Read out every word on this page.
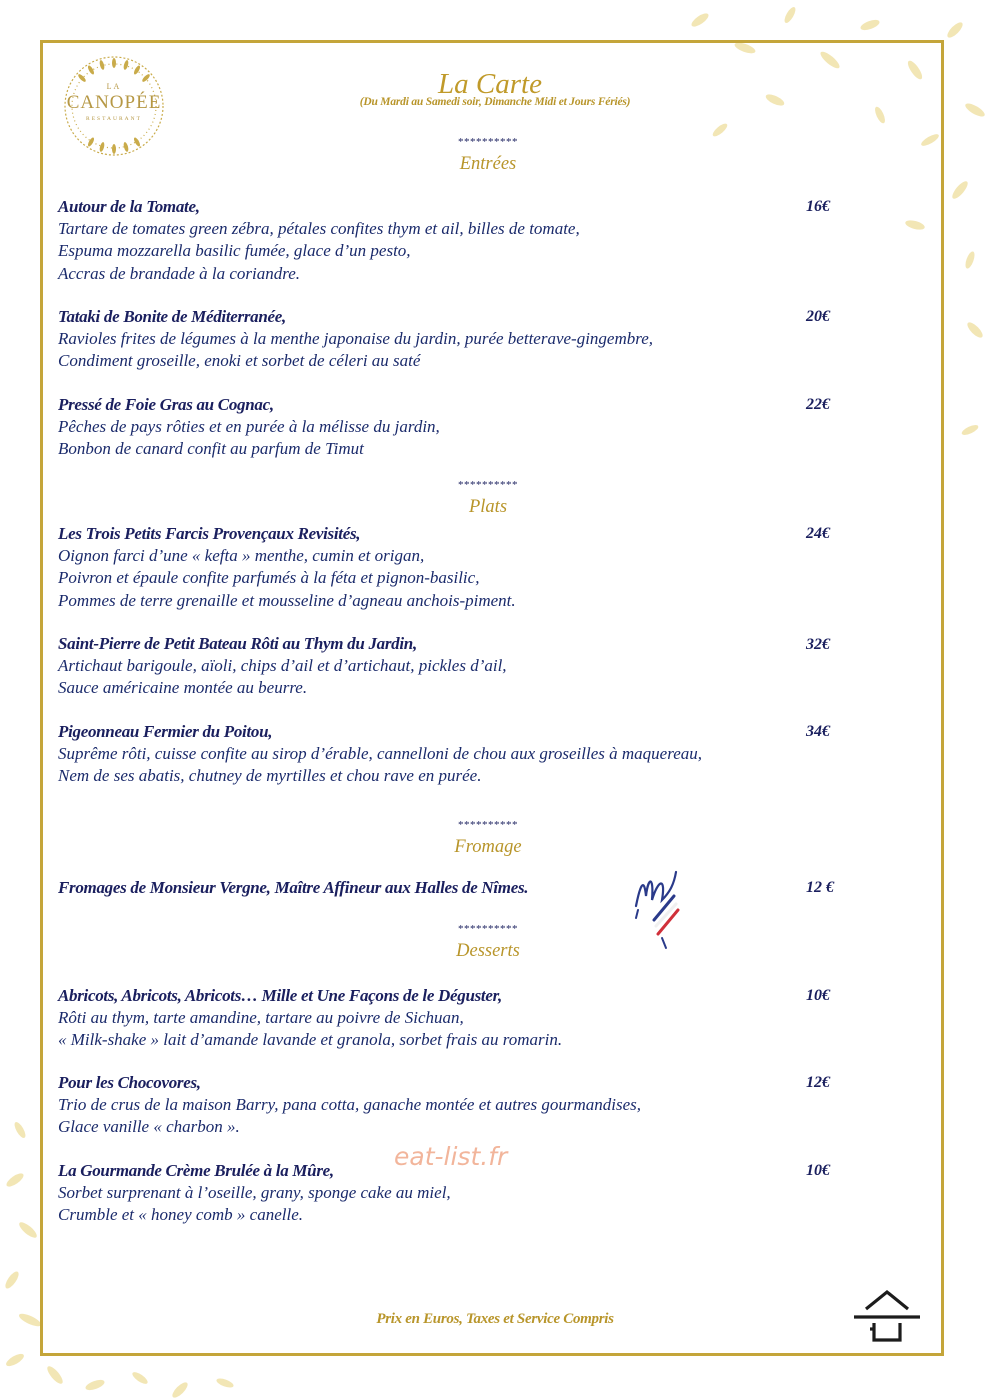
LA
CANOPÉE
RESTAURANT
La Carte
(Du Mardi au Samedi soir, Dimanche Midi et Jours Fériés)
**********
Entrées
Autour de la Tomate,
Tartare de tomates green zébra, pétales confites thym et ail, billes de tomate,
Espuma mozzarella basilic fumée, glace d’un pesto,
Accras de brandade à la coriandre.
16€
Tataki de Bonite de Méditerranée,
Ravioles frites de légumes à la menthe japonaise du jardin, purée betterave-gingembre,
Condiment groseille, enoki et sorbet de céleri au saté
20€
Pressé de Foie Gras au Cognac,
Pêches de pays rôties et en purée à la mélisse du jardin,
Bonbon de canard confit au parfum de Timut
22€
**********
Plats
Les Trois Petits Farcis Provençaux Revisités,
Oignon farci d’une « kefta » menthe, cumin et origan,
Poivron et épaule confite parfumés à la féta et pignon-basilic,
Pommes de terre grenaille et mousseline d’agneau anchois-piment.
24€
Saint-Pierre de Petit Bateau Rôti au Thym du Jardin,
Artichaut barigoule, aïoli, chips d’ail et d’artichaut, pickles d’ail,
Sauce américaine montée au beurre.
32€
Pigeonneau Fermier du Poitou,
Suprême rôti, cuisse confite au sirop d’érable, cannelloni de chou aux groseilles à maquereau,
Nem de ses abatis, chutney de myrtilles et chou rave en purée.
34€
**********
Fromage
Fromages de Monsieur Vergne, Maître Affineur aux Halles de Nîmes.	12 €
**********
Desserts
Abricots, Abricots, Abricots… Mille et Une Façons de le Déguster,
Rôti au thym, tarte amandine, tartare au poivre de Sichuan,
« Milk-shake » lait d’amande lavande et granola, sorbet frais au romarin.
10€
Pour les Chocovores,
Trio de crus de la maison Barry, pana cotta, ganache montée et autres gourmandises,
Glace vanille « charbon ».
12€
La Gourmande Crème Brulée à la Mûre,
Sorbet surprenant à l’oseille, grany, sponge cake au miel,
Crumble et « honey comb » canelle.
10€
eat-list.fr
Prix en Euros, Taxes et Service Compris
